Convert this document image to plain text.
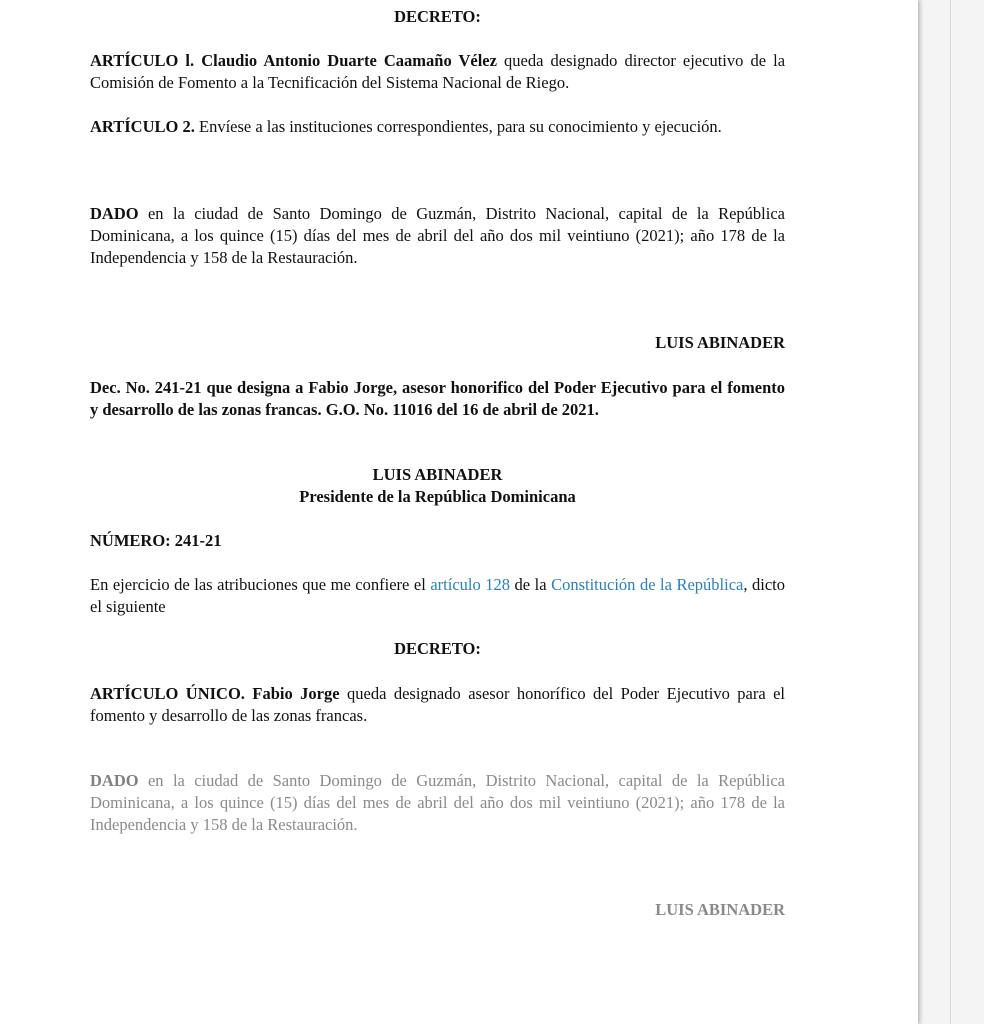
DECRETO:

ARTÍCULO l. Claudio Antonio Duarte Caamaño Vélez queda designado director ejecutivo de la Comisión de Fomento a la Tecnificación del Sistema Nacional de Riego.

ARTÍCULO 2. Envíese a las instituciones correspondientes, para su conocimiento y ejecución.

DADO en la ciudad de Santo Domingo de Guzmán, Distrito Nacional, capital de la República Dominicana, a los quince (15) días del mes de abril del año dos mil veintiuno (2021); año 178 de la Independencia y 158 de la Restauración.

LUIS ABINADER

Dec. No. 241-21 que designa a Fabio Jorge, asesor honorifico del Poder Ejecutivo para el fomento y desarrollo de las zonas francas. G.O. No. 11016 del 16 de abril de 2021.

LUIS ABINADER

Presidente de la República Dominicana

NÚMERO: 241-21

En ejercicio de las atribuciones que me confiere el artículo 128 de la Constitución de la República, dicto el siguiente

DECRETO:

ARTÍCULO ÚNICO. Fabio Jorge queda designado asesor honorífico del Poder Ejecutivo para el fomento y desarrollo de las zonas francas.

DADO en la ciudad de Santo Domingo de Guzmán, Distrito Nacional, capital de la República Dominicana, a los quince (15) días del mes de abril del año dos mil veintiuno (2021); año 178 de la Independencia y 158 de la Restauración.

LUIS ABINADER
